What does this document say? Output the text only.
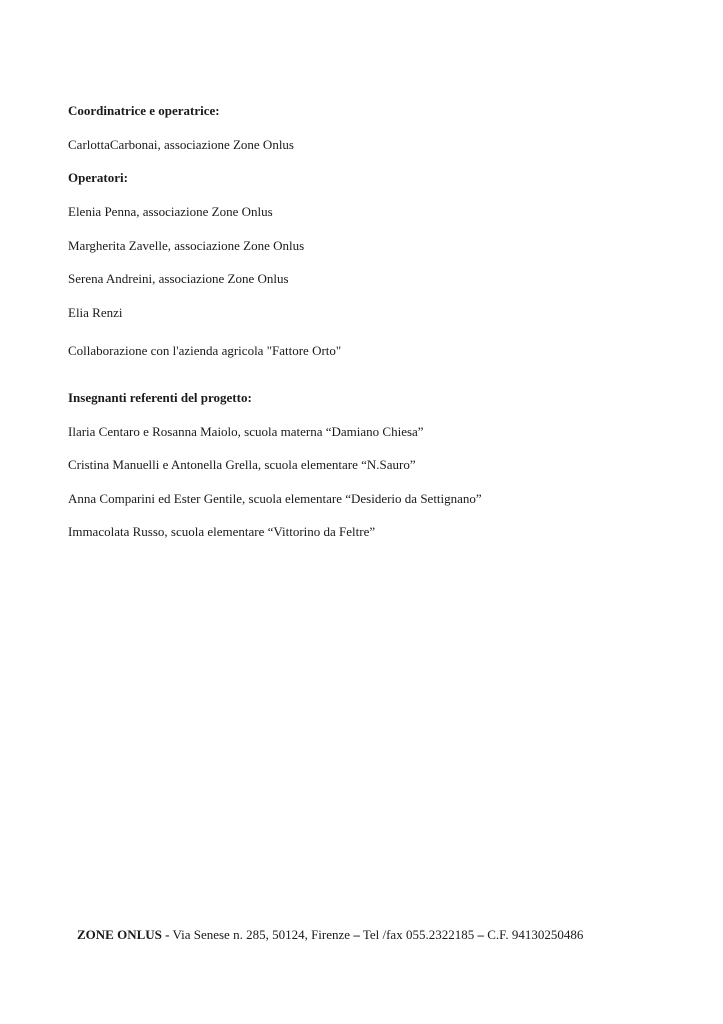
Coordinatrice e operatrice:
CarlottaCarbonai, associazione Zone Onlus
Operatori:
Elenia Penna, associazione Zone Onlus
Margherita Zavelle, associazione Zone Onlus
Serena Andreini, associazione Zone Onlus
Elia Renzi
Collaborazione con l'azienda agricola "Fattore Orto"
Insegnanti referenti del progetto:
Ilaria Centaro e Rosanna Maiolo, scuola materna “Damiano Chiesa”
Cristina Manuelli e Antonella Grella, scuola elementare “N.Sauro”
Anna Comparini ed Ester Gentile, scuola elementare “Desiderio da Settignano”
Immacolata Russo, scuola elementare “Vittorino da Feltre”
ZONE ONLUS - Via Senese n. 285, 50124, Firenze – Tel /fax 055.2322185 – C.F. 94130250486
